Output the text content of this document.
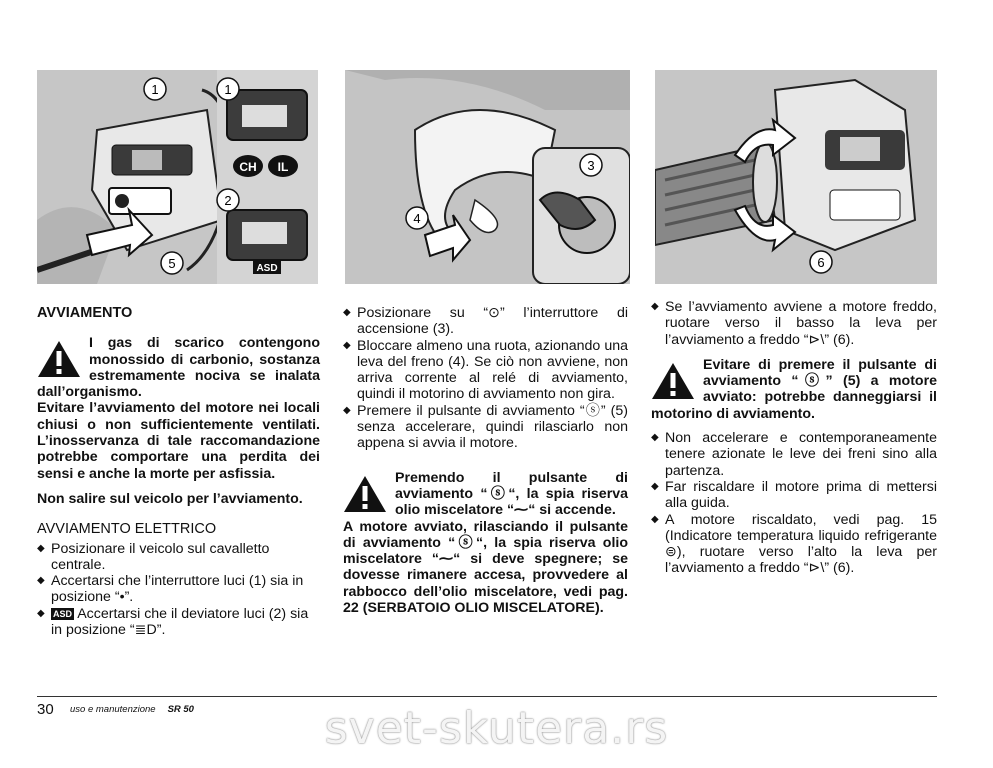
CH IL
ASD
1	1
2
5
3
4
6

AVVIAMENTO

I gas di scarico contengono monossido di carbonio, sostanza estremamente nociva se inalata dall’organismo.

Evitare l’avviamento del motore nei locali chiusi o non sufficientemente ventilati. L’inosservanza di tale raccomandazione potrebbe comportare una perdita dei sensi e anche la morte per asfissia.

Non salire sul veicolo per l’avviamento.

AVVIAMENTO ELETTRICO

◆ Posizionare il veicolo sul cavalletto centrale.
◆ Accertarsi che l’interruttore luci (1) sia in posizione “•”.
◆ ASD Accertarsi che il deviatore luci (2) sia in posizione “≣D”.
◆ Posizionare su “⊙” l’interruttore di accensione (3).
◆ Bloccare almeno una ruota, azionando una leva del freno (4). Se ciò non avviene, non arriva corrente al relé di avviamento, quindi il motorino di avviamento non gira.
◆ Premere il pulsante di avviamento “ⓢ” (5) senza accelerare, quindi rilasciarlo non appena si avvia il motore.
Premendo il pulsante di avviamento “ⓢ“, la spia riserva olio miscelatore “⁓“ si accende.

A motore avviato, rilasciando il pulsante di avviamento “ⓢ“, la spia riserva olio miscelatore “⁓“ si deve spegnere; se dovesse rimanere accesa, provvedere al rabbocco dell’olio miscelatore, vedi pag. 22 (SERBATOIO OLIO MISCELATORE).

◆ Se l’avviamento avviene a motore freddo, ruotare verso il basso la leva per l’avviamento a freddo “⊳\” (6).
Evitare di premere il pulsante di avviamento “ⓢ” (5) a motore avviato: potrebbe danneggiarsi il motorino di avviamento.
◆ Non accelerare e contemporaneamente tenere azionate le leve dei freni sino alla partenza.
◆ Far riscaldare il motore prima di mettersi alla guida.
◆ A motore riscaldato, vedi pag. 15 (Indicatore temperatura liquido refrigerante ⊜), ruotare verso l’alto la leva per l’avviamento a freddo “⊳\” (6).
30 uso e manutenzione SR 50	svet-skutera.rs
